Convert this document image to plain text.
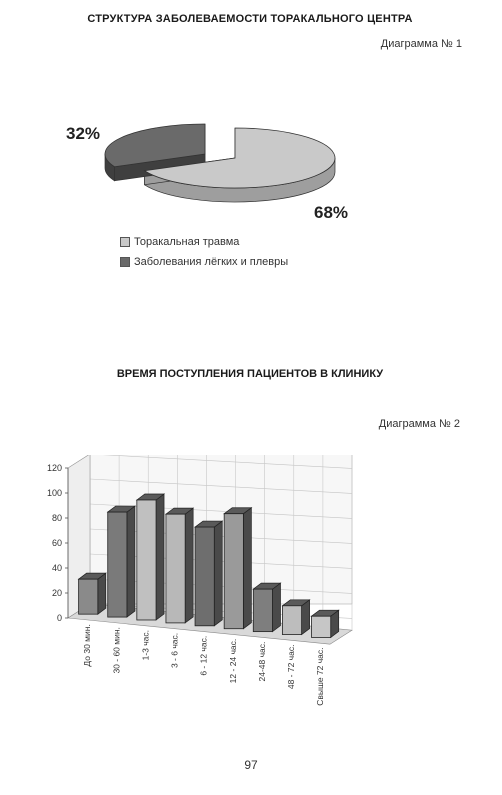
СТРУКТУРА ЗАБОЛЕВАЕМОСТИ ТОРАКАЛЬНОГО ЦЕНТРА
Диаграмма № 1
32%
68%
Торакальная травма
Заболевания лёгких и плевры
ВРЕМЯ ПОСТУПЛЕНИЯ ПАЦИЕНТОВ В КЛИНИКУ
Диаграмма № 2
0
20
40
60
80
100
120
До 30 мин. 30 - 60 мин. 1-3 час. 3 - 6 час. 6 - 12 час. 12 - 24 час. 24-48 час. 48 - 72 час. Свыше 72 час.
97
